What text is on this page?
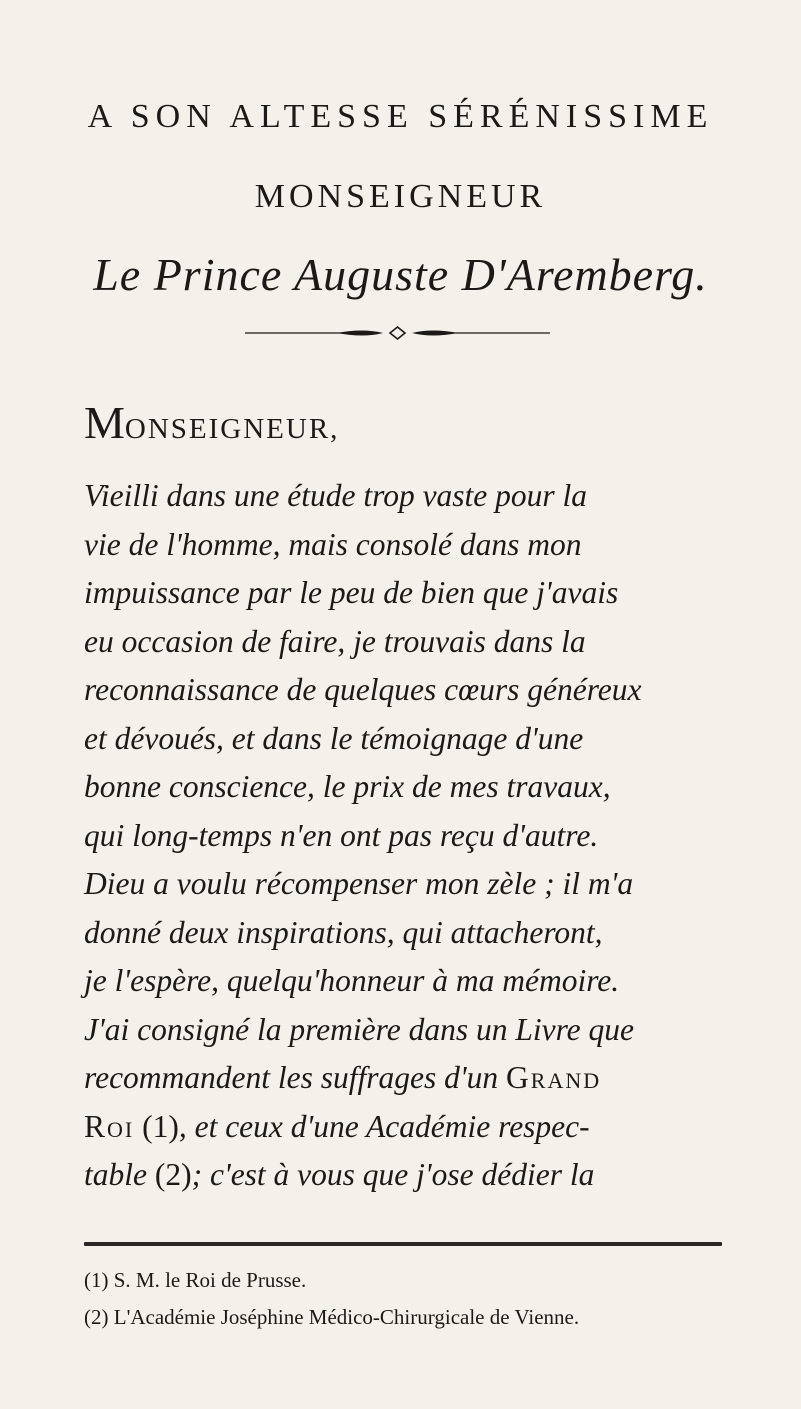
A SON ALTESSE SÉRÉNISSIME
MONSEIGNEUR
Le Prince Auguste D'Aremberg.
MONSEIGNEUR,
Vieilli dans une étude trop vaste pour la
vie de l'homme, mais consolé dans mon
impuissance par le peu de bien que j'avais
eu occasion de faire, je trouvais dans la
reconnaissance de quelques cœurs généreux
et dévoués, et dans le témoignage d'une
bonne conscience, le prix de mes travaux,
qui long-temps n'en ont pas reçu d'autre.
Dieu a voulu récompenser mon zèle ; il m'a
donné deux inspirations, qui attacheront,
je l'espère, quelqu'honneur à ma mémoire.
J'ai consigné la première dans un Livre que
recommandent les suffrages d'un Grand
Roi (1), et ceux d'une Académie respec-
table (2); c'est à vous que j'ose dédier la
(1) S. M. le Roi de Prusse.
(2) L'Académie Joséphine Médico-Chirurgicale de Vienne.
